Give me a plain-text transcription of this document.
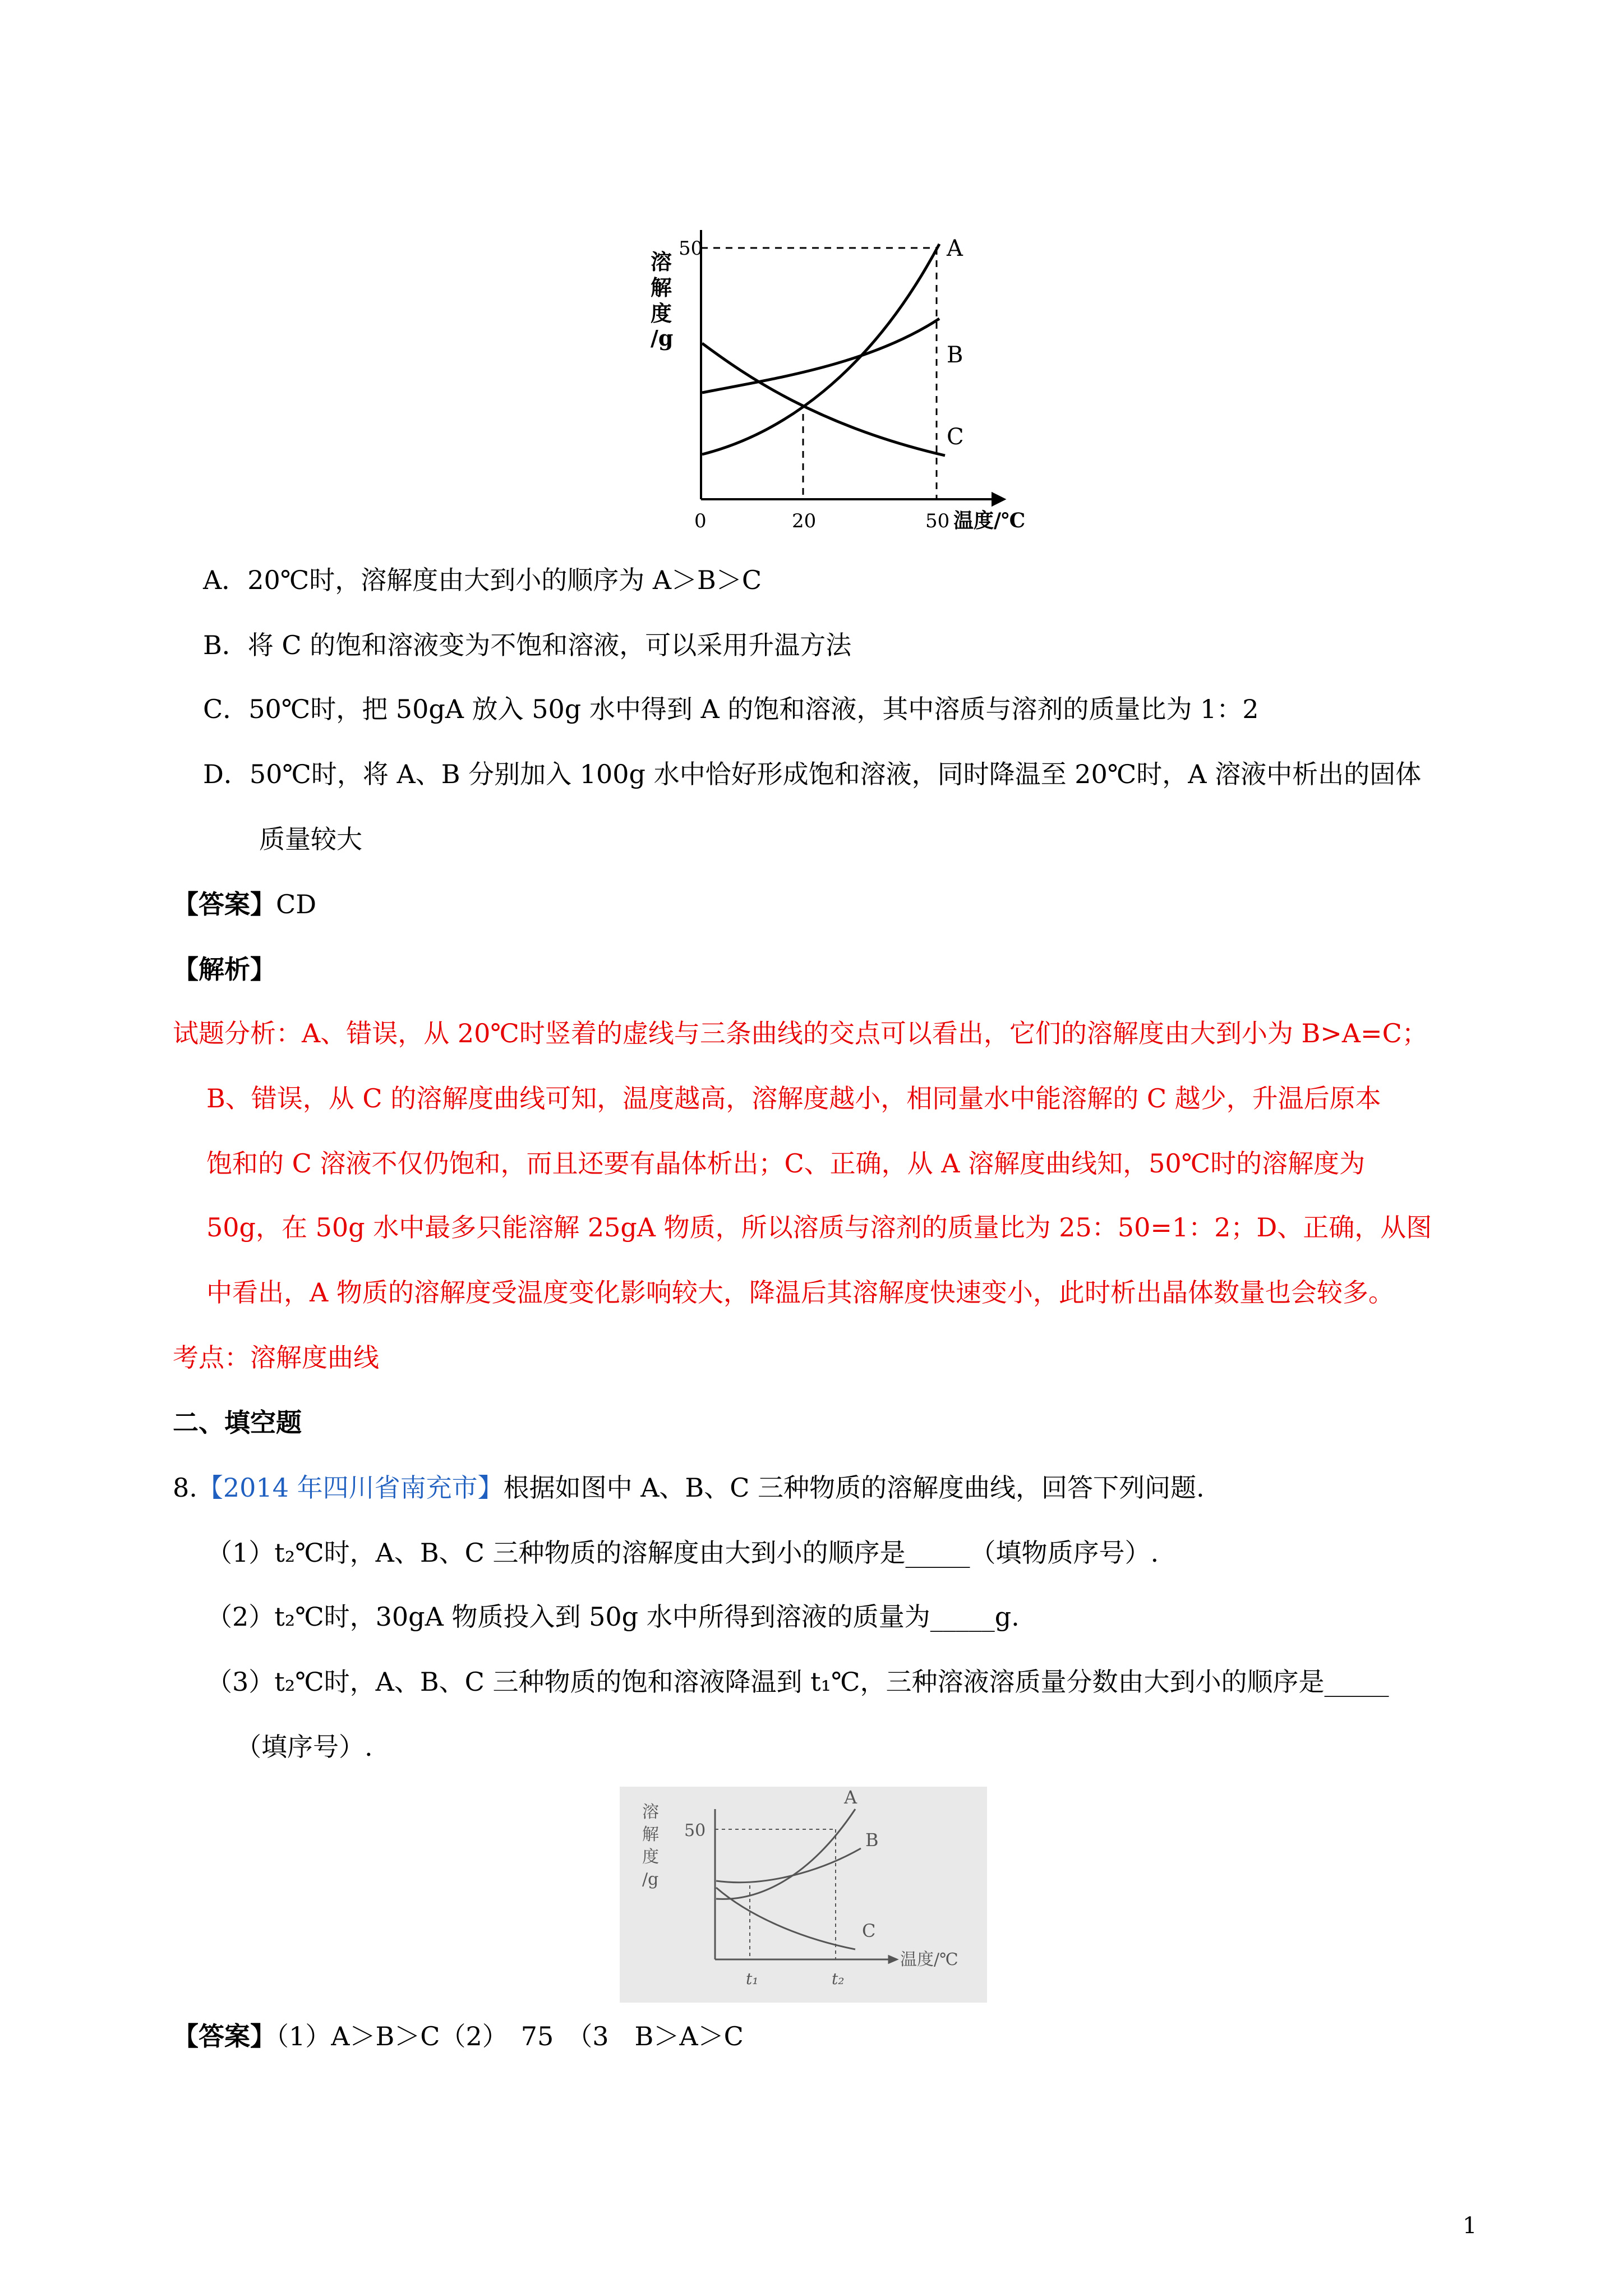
50
溶
解
度
/g
0	20	50 温度/℃
A
B
C
A．20℃时，溶解度由大到小的顺序为 A＞B＞C
B．将 C 的饱和溶液变为不饱和溶液，可以采用升温方法
C．50℃时，把 50gA 放入 50g 水中得到 A 的饱和溶液，其中溶质与溶剂的质量比为 1：2
D．50℃时，将 A、B 分别加入 100g 水中恰好形成饱和溶液，同时降温至 20℃时，A 溶液中析出的固体
质量较大
【答案】CD
【解析】
试题分析：A、错误，从 20℃时竖着的虚线与三条曲线的交点可以看出，它们的溶解度由大到小为 B>A=C；
B、错误，从 C 的溶解度曲线可知，温度越高，溶解度越小，相同量水中能溶解的 C 越少，升温后原本
饱和的 C 溶液不仅仍饱和，而且还要有晶体析出；C、正确，从 A 溶解度曲线知，50℃时的溶解度为
50g，在 50g 水中最多只能溶解 25gA 物质，所以溶质与溶剂的质量比为 25：50=1：2；D、正确，从图
中看出，A 物质的溶解度受温度变化影响较大，降温后其溶解度快速变小，此时析出晶体数量也会较多。
考点：溶解度曲线
二、填空题
8.【2014 年四川省南充市】根据如图中 A、B、C 三种物质的溶解度曲线，回答下列问题.
（1）t₂℃时，A、B、C 三种物质的溶解度由大到小的顺序是_____（填物质序号）.
（2）t₂℃时，30gA 物质投入到 50g 水中所得到溶液的质量为_____g.
（3）t₂℃时，A、B、C 三种物质的饱和溶液降温到 t₁℃，三种溶液溶质量分数由大到小的顺序是_____
（填序号）.
50
溶
解
度
/g
t₁	t₂
温度/℃
A
B
C
【答案】（1）A＞B＞C（2）　75　（3　B＞A＞C
1
